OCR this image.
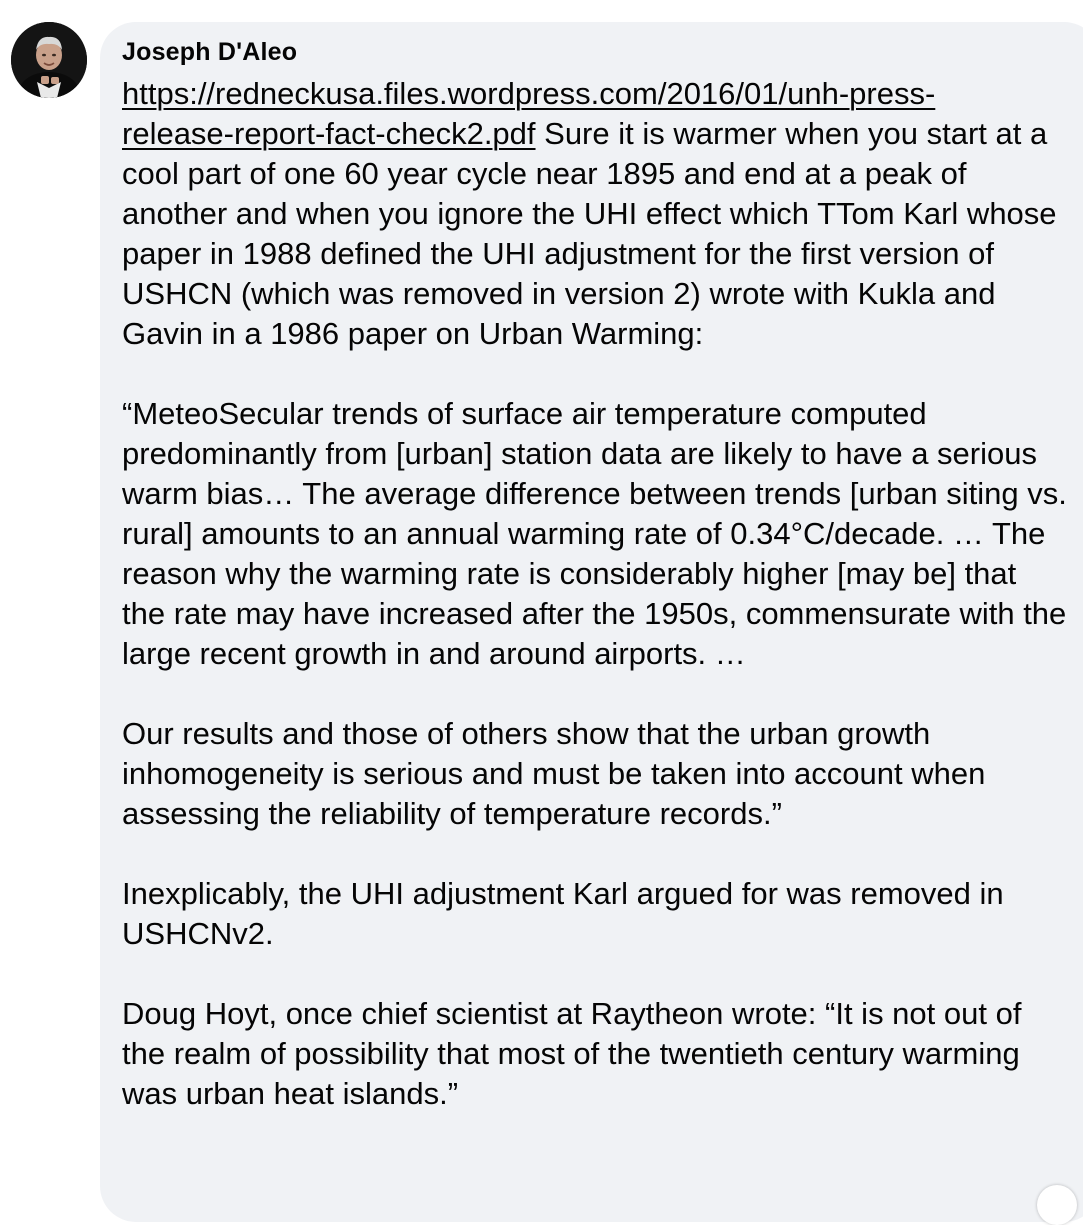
Joseph D'Aleo

https://redneckusa.files.wordpress.com/2016/01/unh-press-
release-report-fact-check2.pdf Sure it is warmer when you start at a cool part of one 60 year cycle near 1895 and end at a peak of another and when you ignore the UHI effect which TTom Karl whose paper in 1988 defined the UHI adjustment for the first version of USHCN (which was removed in version 2) wrote with Kukla and Gavin in a 1986 paper on Urban Warming:

“MeteoSecular trends of surface air temperature computed predominantly from [urban] station data are likely to have a serious warm bias… The average difference between trends [urban siting vs. rural] amounts to an annual warming rate of 0.34°C/decade. … The reason why the warming rate is considerably higher [may be] that the rate may have increased after the 1950s, commensurate with the large recent growth in and around airports. …

Our results and those of others show that the urban growth inhomogeneity is serious and must be taken into account when assessing the reliability of temperature records.”

Inexplicably, the UHI adjustment Karl argued for was removed in USHCNv2.

Doug Hoyt, once chief scientist at Raytheon wrote: “It is not out of the realm of possibility that most of the twentieth century warming was urban heat islands.”
